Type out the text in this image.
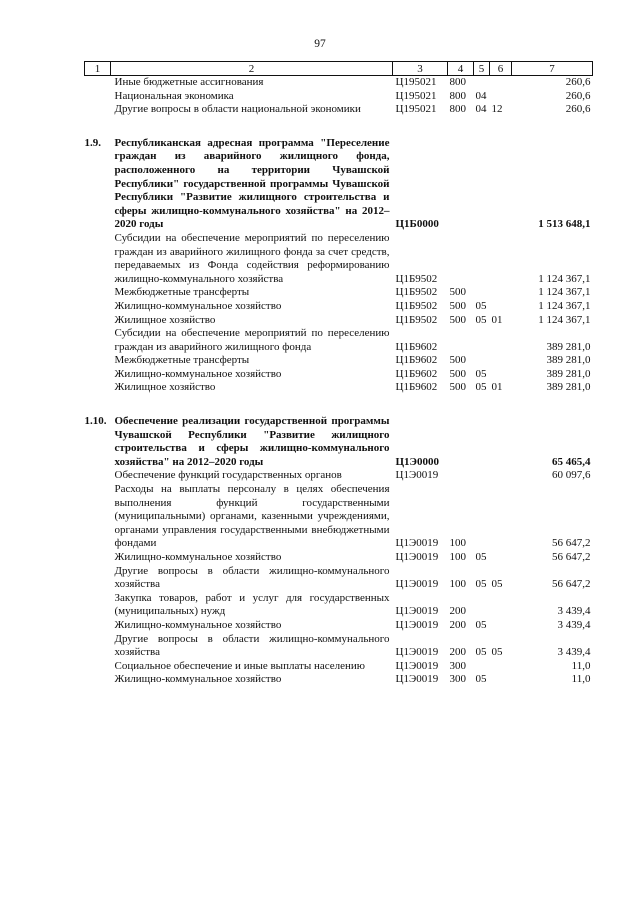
97
1	2	3	4	5	6	7
	Иные бюджетные ассигнования	Ц195021	800			260,6
	Национальная экономика	Ц195021	800	04		260,6
	Другие вопросы в области национальной экономики	Ц195021	800	04	12	260,6

1.9.	Республиканская адресная программа "Переселение граждан из аварийного жилищного фонда, расположенного на территории Чувашской Республики" государственной программы Чувашской Республики "Развитие жилищного строительства и сферы жилищно-коммунального хозяйства" на 2012–2020 годы	Ц1Б0000				1 513 648,1
	Субсидии на обеспечение мероприятий по переселению граждан из аварийного жилищного фонда за счет средств, передаваемых из Фонда содействия реформированию жилищно-коммунального хозяйства	Ц1Б9502				1 124 367,1
	Межбюджетные трансферты	Ц1Б9502	500			1 124 367,1
	Жилищно-коммунальное хозяйство	Ц1Б9502	500	05		1 124 367,1
	Жилищное хозяйство	Ц1Б9502	500	05	01	1 124 367,1
	Субсидии на обеспечение мероприятий по переселению граждан из аварийного жилищного фонда	Ц1Б9602				389 281,0
	Межбюджетные трансферты	Ц1Б9602	500			389 281,0
	Жилищно-коммунальное хозяйство	Ц1Б9602	500	05		389 281,0
	Жилищное хозяйство	Ц1Б9602	500	05	01	389 281,0

1.10.	Обеспечение реализации государственной программы Чувашской Республики "Развитие жилищного строительства и сферы жилищно-коммунального хозяйства" на 2012–2020 годы	Ц1Э0000				65 465,4
	Обеспечение функций государственных органов	Ц1Э0019				60 097,6
	Расходы на выплаты персоналу в целях обеспечения выполнения функций государственными (муниципальными) органами, казенными учреждениями, органами управления государственными внебюджетными фондами	Ц1Э0019	100			56 647,2
	Жилищно-коммунальное хозяйство	Ц1Э0019	100	05		56 647,2
	Другие вопросы в области жилищно-коммунального хозяйства	Ц1Э0019	100	05	05	56 647,2
	Закупка товаров, работ и услуг для государственных (муниципальных) нужд	Ц1Э0019	200			3 439,4
	Жилищно-коммунальное хозяйство	Ц1Э0019	200	05		3 439,4
	Другие вопросы в области жилищно-коммунального хозяйства	Ц1Э0019	200	05	05	3 439,4
	Социальное обеспечение и иные выплаты населению	Ц1Э0019	300			11,0
	Жилищно-коммунальное хозяйство	Ц1Э0019	300	05		11,0
